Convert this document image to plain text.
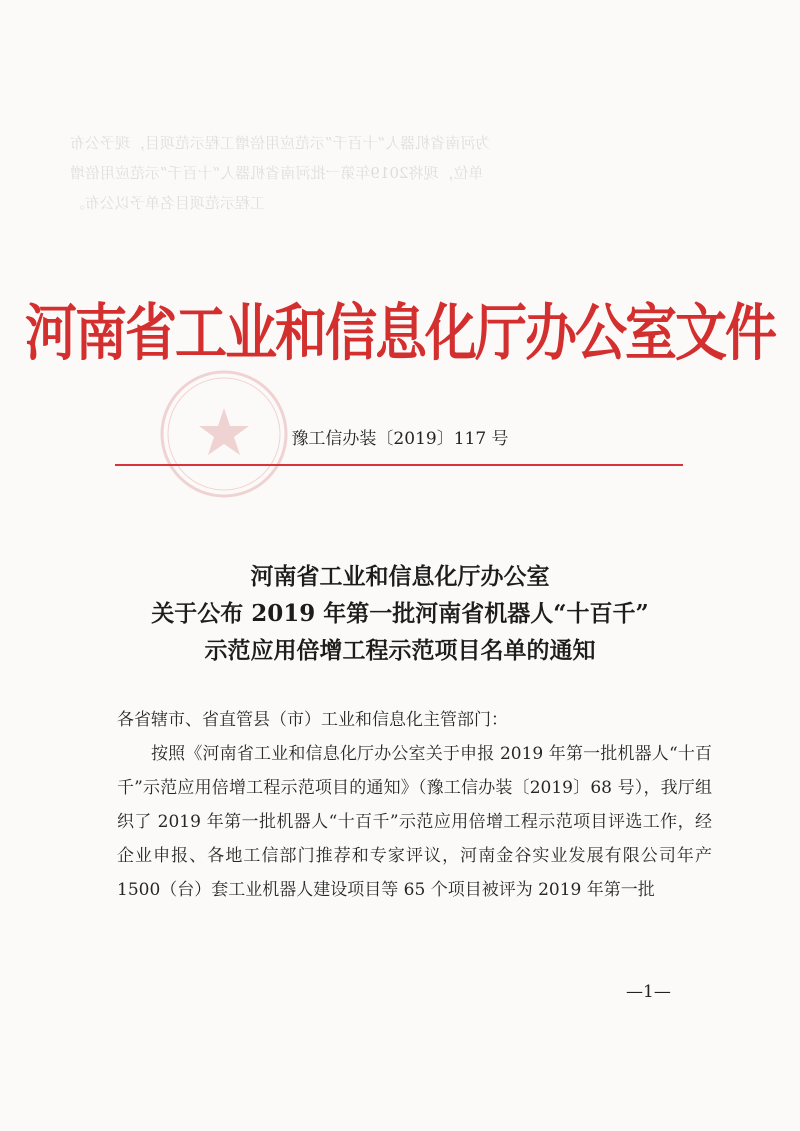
为河南省机器人“十百千”示范应用倍增工程示范项目，现予公布
单位，现将2019年第一批河南省机器人“十百千”示范应用倍增
工程示范项目名单予以公布。
河南省工业和信息化厅办公室文件
豫工信办装〔2019〕117 号
河南省工业和信息化厅办公室
关于公布 2019 年第一批河南省机器人“十百千”
示范应用倍增工程示范项目名单的通知

各省辖市、省直管县（市）工业和信息化主管部门：

按照《河南省工业和信息化厅办公室关于申报 2019 年第一批机器人“十百千”示范应用倍增工程示范项目的通知》（豫工信办装〔2019〕68 号），我厅组织了 2019 年第一批机器人“十百千”示范应用倍增工程示范项目评选工作，经企业申报、各地工信部门推荐和专家评议，河南金谷实业发展有限公司年产 1500（台）套工业机器人建设项目等 65 个项目被评为 2019 年第一批

—1—
